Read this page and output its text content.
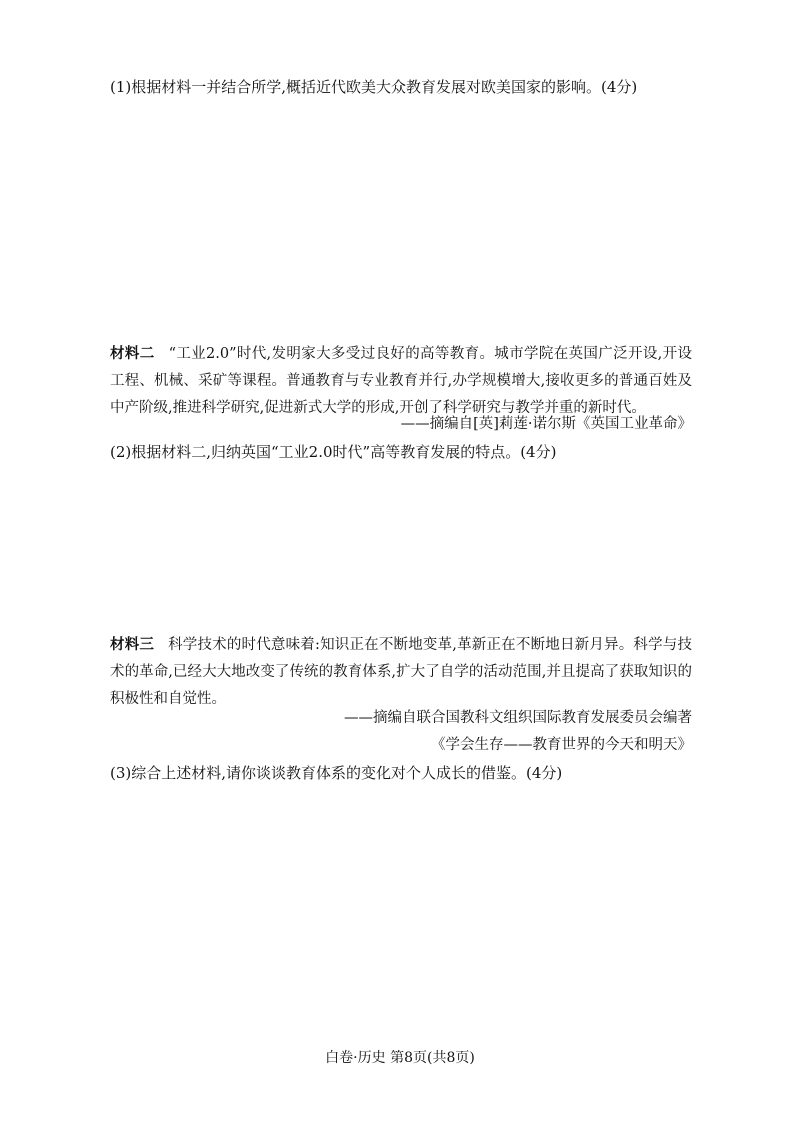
(1)根据材料一并结合所学,概括近代欧美大众教育发展对欧美国家的影响。(4分)
材料二 “工业2.0”时代,发明家大多受过良好的高等教育。城市学院在英国广泛开设,开设工程、机械、采矿等课程。普通教育与专业教育并行,办学规模增大,接收更多的普通百姓及中产阶级,推进科学研究,促进新式大学的形成,开创了科学研究与教学并重的新时代。
——摘编自[英]莉莲·诺尔斯《英国工业革命》
(2)根据材料二,归纳英国“工业2.0时代”高等教育发展的特点。(4分)
材料三 科学技术的时代意味着:知识正在不断地变革,革新正在不断地日新月异。科学与技术的革命,已经大大地改变了传统的教育体系,扩大了自学的活动范围,并且提高了获取知识的积极性和自觉性。
——摘编自联合国教科文组织国际教育发展委员会编著
《学会生存——教育世界的今天和明天》
(3)综合上述材料,请你谈谈教育体系的变化对个人成长的借鉴。(4分)
白卷·历史 第8页(共8页)
